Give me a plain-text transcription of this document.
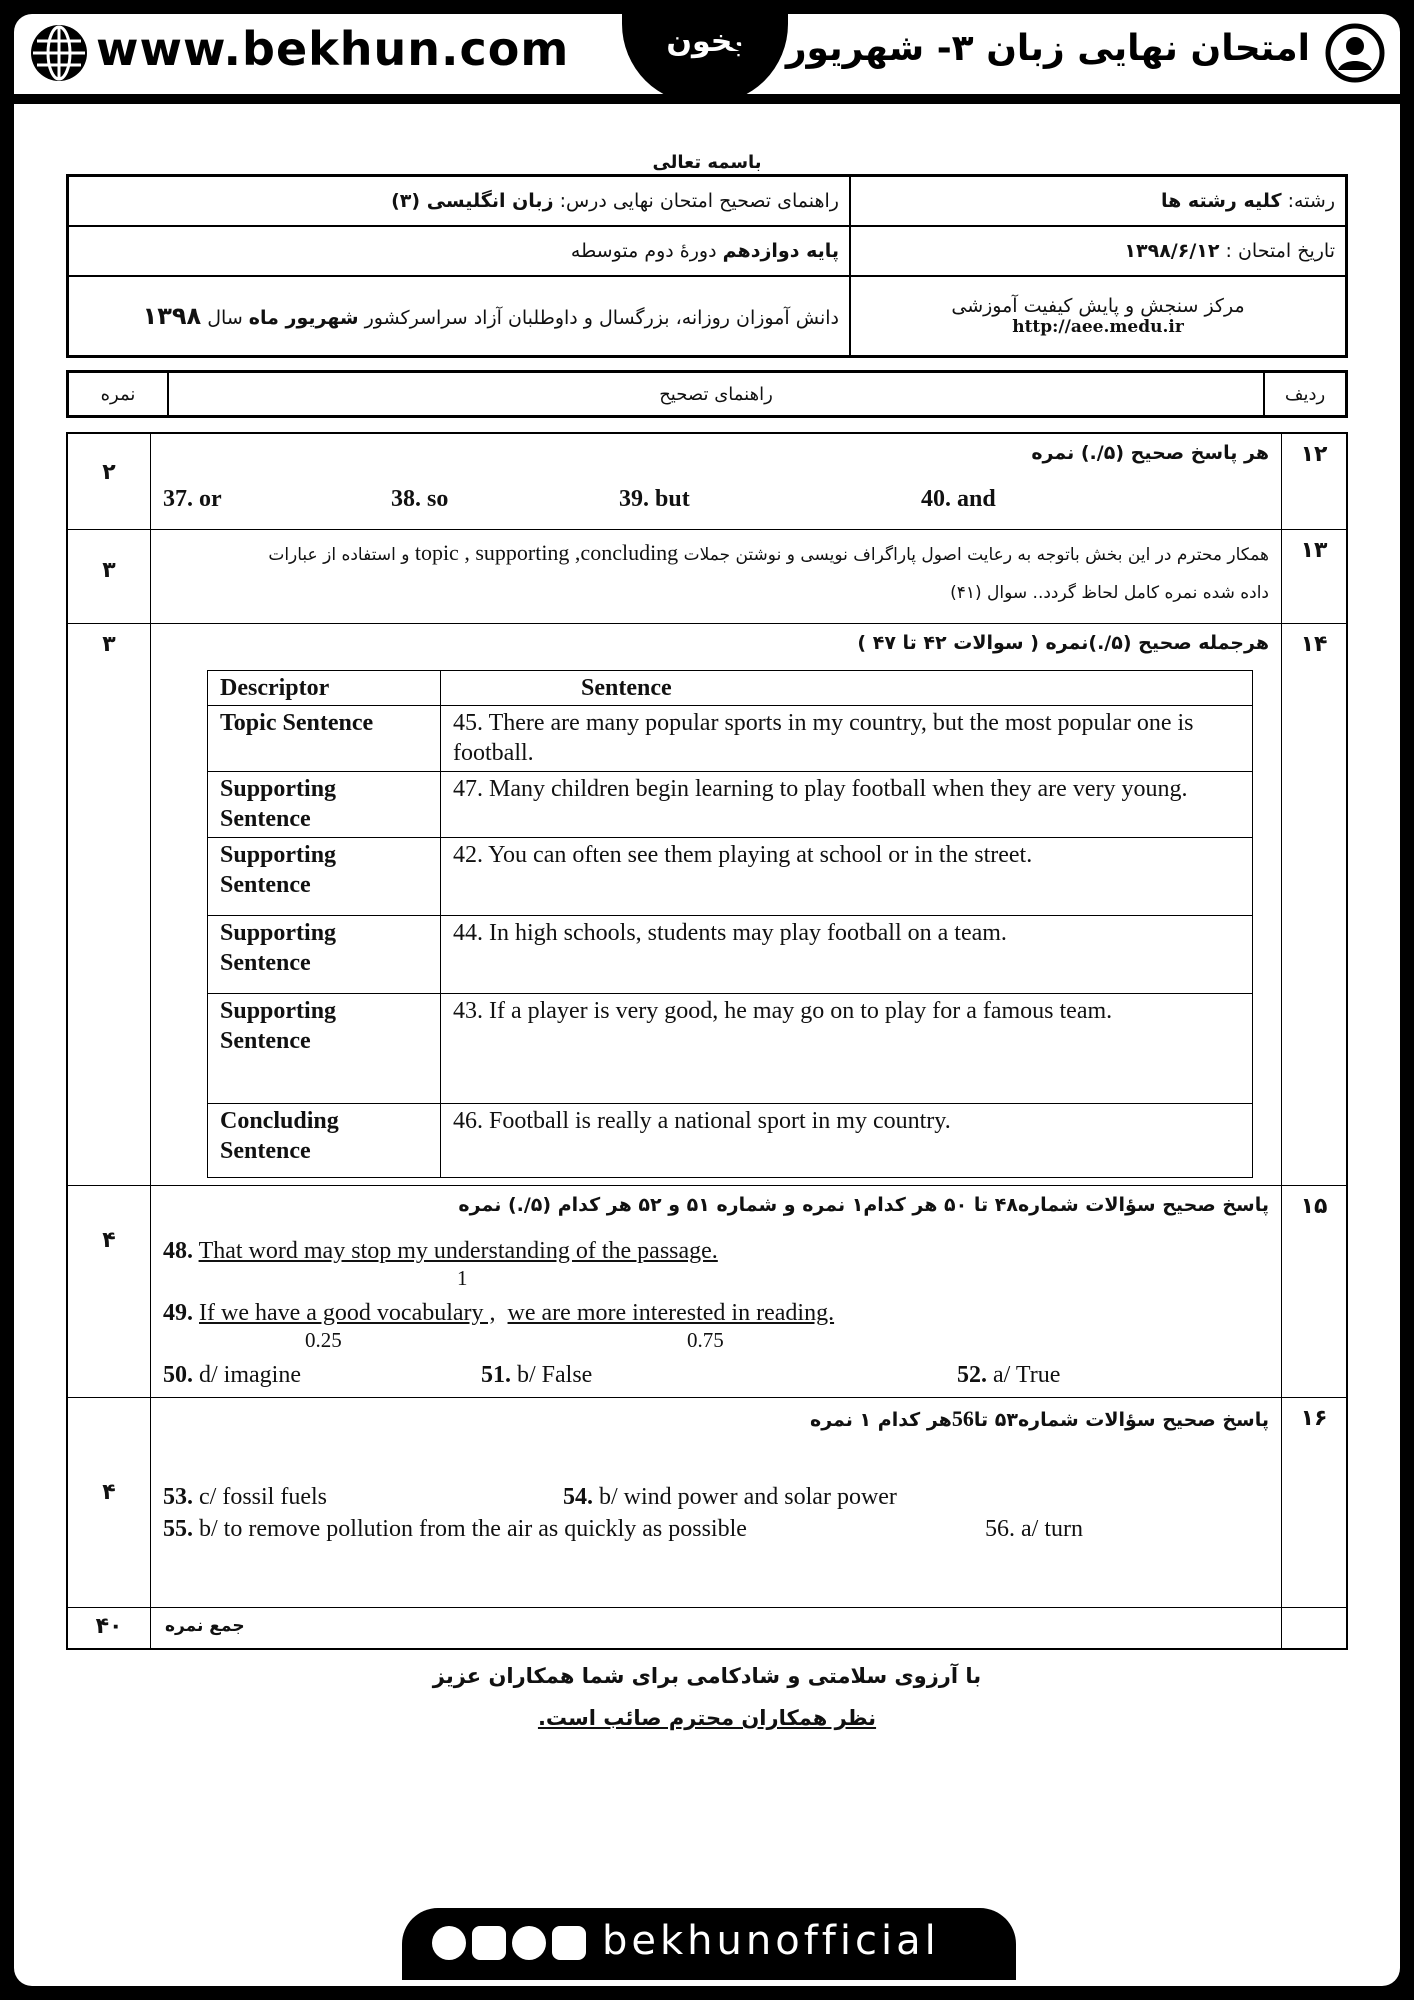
www.bekhun.com	بخون
امتحان نهایی زبان ۳- شهریور ۹۸
باسمه تعالی
راهنمای تصحیح امتحان نهایی درس: زبان انگلیسی (۳)	رشته: کلیه رشته ها
پایه دوازدهم دورهٔ دوم متوسطه	تاریخ امتحان : ۱۳۹۸/۶/۱۲
دانش آموزان روزانه، بزرگسال و داوطلبان آزاد سراسرکشور شهریور ماه سال ۱۳۹۸	مرکز سنجش و پایش کیفیت آموزشی
http://aee.medu.ir
نمره	راهنمای تصحیح	ردیف
۲	
هر پاسخ صحیح (۵/.) نمره
37. or	38. so	39. but	40. and
	۱۲
۳	
همکار محترم در این بخش باتوجه به رعایت اصول پاراگراف نویسی و نوشتن جملات topic , supporting ,concluding و استفاده از عبارات
داده شده نمره کامل لحاظ گردد.. سوال (۴۱)
	۱۳
۳	هرجمله صحیح (۵/.)نمره ( سوالات ۴۲ تا ۴۷ )
Descriptor	Sentence
Topic Sentence	45. There are many popular sports in my country, but the most popular one is football.
Supporting Sentence	47. Many children begin learning to play football when they are very young.
Supporting Sentence	42. You can often see them playing at school or in the street.
Supporting Sentence	44. In high schools, students may play football on a team.
Supporting Sentence	43. If a player is very good, he may go on to play for a famous team.
Concluding Sentence	46. Football is really a national sport in my country.
	۱۴
۴	
پاسخ صحیح سؤالات شماره۴۸ تا ۵۰ هر کدام۱ نمره و شماره ۵۱ و ۵۲ هر کدام (۵/.) نمره
48. That word may stop my understanding of the passage.
1
49. If we have a good vocabulary , we are more interested in reading.
0.25	0.75
50. d/ imagine	51. b/ False	52. a/ True
	۱۵
۴	
پاسخ صحیح سؤالات شماره۵۳ تا56هر کدام ۱ نمره
53. c/ fossil fuels	54. b/ wind power and solar power
55. b/ to remove pollution from the air as quickly as possible	56. a/ turn
	۱۶
۴۰	جمع نمره

با آرزوی سلامتی و شادکامی برای شما همکاران عزیز
نظر همکاران محترم صائب است.
bekhunofficial
